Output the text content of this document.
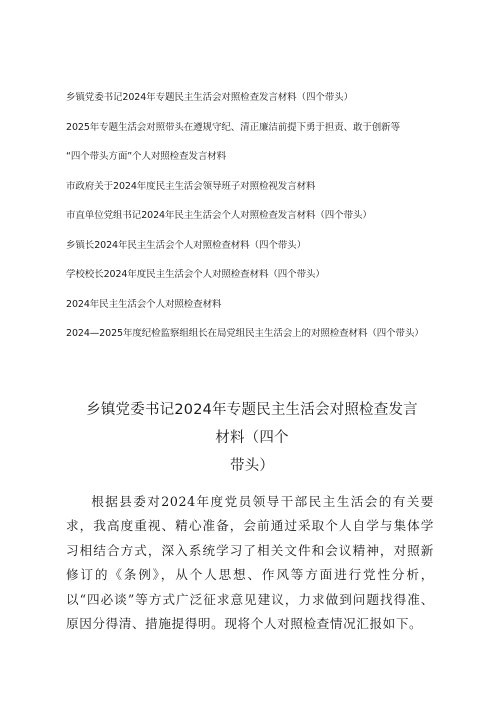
乡镇党委书记2024年专题民主生活会对照检查发言材料（四个带头）
2025年专题生活会对照带头在遵规守纪、清正廉洁前提下勇于担责、敢于创新等
“四个带头方面”个人对照检查发言材料
市政府关于2024年度民主生活会领导班子对照检视发言材料
市直单位党组书记2024年民主生活会个人对照检查发言材料（四个带头）
乡镇长2024年民主生活会个人对照检查材料（四个带头）
学校校长2024年度民主生活会个人对照检查材料（四个带头）
2024年民主生活会个人对照检查材料
2024—2025年度纪检监察组组长在局党组民主生活会上的对照检查材料（四个带头）
乡镇党委书记2024年专题民主生活会对照检查发言材料（四个
带头）

根据县委对2024年度党员领导干部民主生活会的有关要求，我高度重视、精心准备，会前通过采取个人自学与集体学习相结合方式，深入系统学习了相关文件和会议精神，对照新修订的《条例》，从个人思想、作风等方面进行党性分析，以“四必谈”等方式广泛征求意见建议，力求做到问题找得准、原因分得清、措施提得明。现将个人对照检查情况汇报如下。
